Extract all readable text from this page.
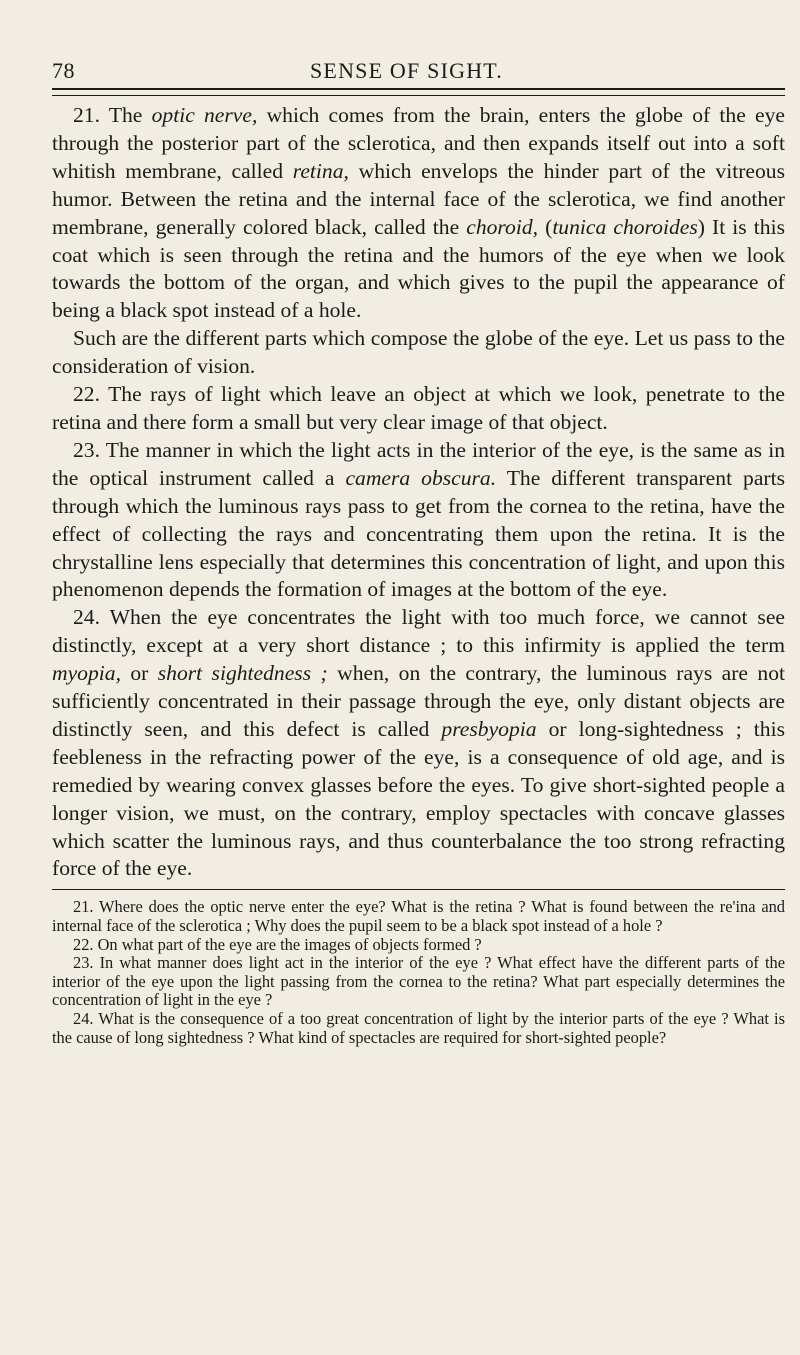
78	SENSE OF SIGHT.

21. The optic nerve, which comes from the brain, enters the globe of the eye through the posterior part of the sclerotica, and then expands itself out into a soft whitish membrane, called retina, which envelops the hinder part of the vitreous humor. Between the retina and the internal face of the sclerotica, we find another membrane, generally colored black, called the choroid, (tunica choroides) It is this coat which is seen through the retina and the humors of the eye when we look towards the bottom of the organ, and which gives to the pupil the appearance of being a black spot instead of a hole.

Such are the different parts which compose the globe of the eye. Let us pass to the consideration of vision.

22. The rays of light which leave an object at which we look, penetrate to the retina and there form a small but very clear image of that object.

23. The manner in which the light acts in the interior of the eye, is the same as in the optical instrument called a camera obscura. The different transparent parts through which the luminous rays pass to get from the cornea to the retina, have the effect of collecting the rays and concentrating them upon the retina. It is the chrystalline lens especially that determines this concentration of light, and upon this phenomenon depends the formation of images at the bottom of the eye.

24. When the eye concentrates the light with too much force, we cannot see distinctly, except at a very short distance ; to this infirmity is applied the term myopia, or short sightedness ; when, on the contrary, the luminous rays are not sufficiently concentrated in their passage through the eye, only distant objects are distinctly seen, and this defect is called presbyopia or long-sightedness ; this feebleness in the refracting power of the eye, is a consequence of old age, and is remedied by wearing convex glasses before the eyes. To give short-sighted people a longer vision, we must, on the contrary, employ spectacles with concave glasses which scatter the luminous rays, and thus counterbalance the too strong refracting force of the eye.

21. Where does the optic nerve enter the eye? What is the retina ? What is found between the re'ina and internal face of the sclerotica ; Why does the pupil seem to be a black spot instead of a hole ?

22. On what part of the eye are the images of objects formed ?

23. In what manner does light act in the interior of the eye ? What effect have the different parts of the interior of the eye upon the light passing from the cornea to the retina? What part especially determines the concentration of light in the eye ?

24. What is the consequence of a too great concentration of light by the interior parts of the eye ? What is the cause of long sightedness ? What kind of spectacles are required for short-sighted people?
